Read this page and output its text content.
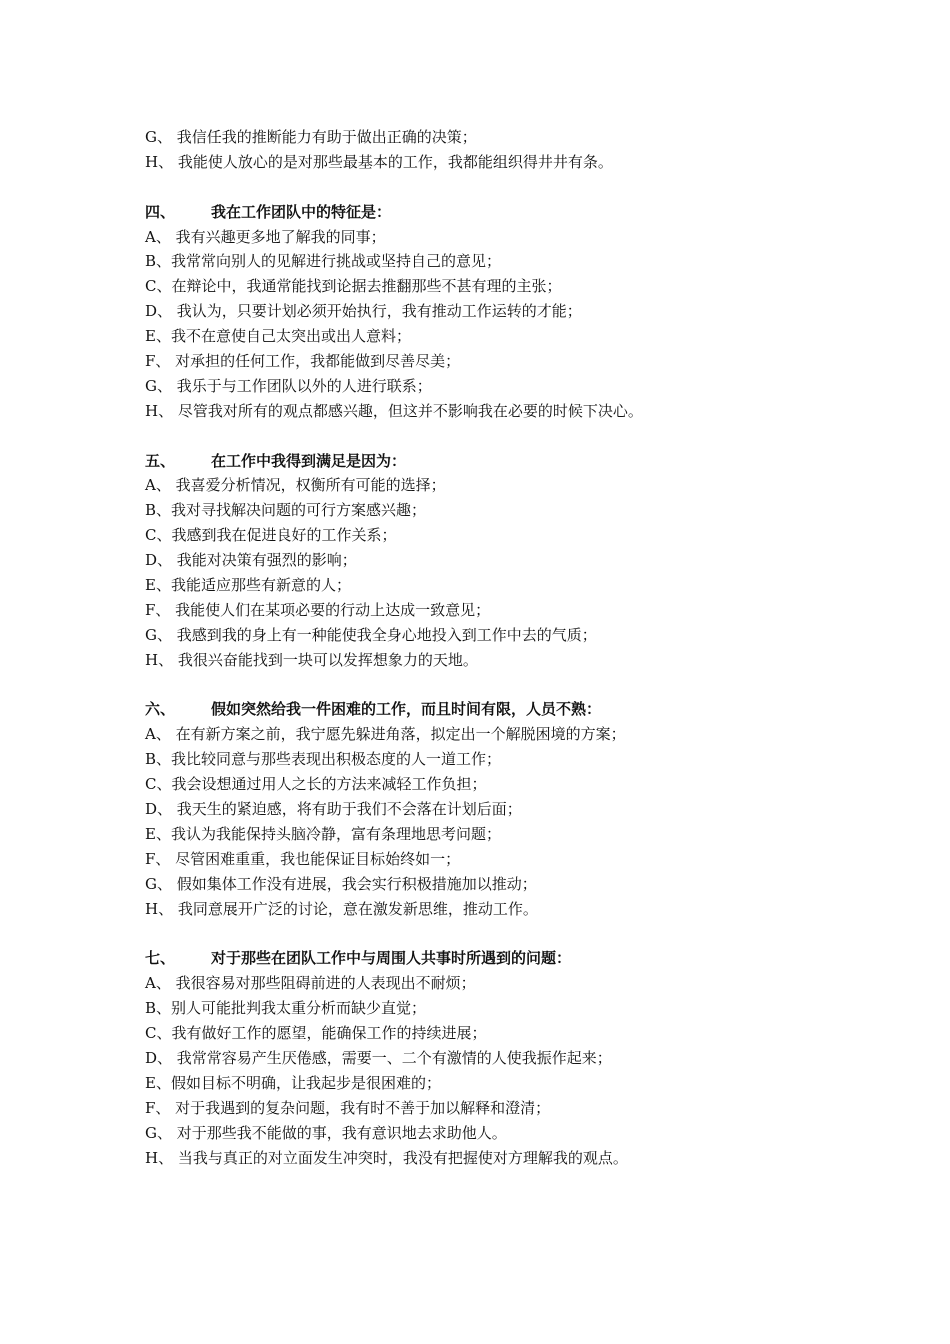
G、 我信任我的推断能力有助于做出正确的决策；
H、 我能使人放心的是对那些最基本的工作，我都能组织得井井有条。
四、 我在工作团队中的特征是：
A、 我有兴趣更多地了解我的同事；
B、我常常向别人的见解进行挑战或坚持自己的意见；
C、在辩论中，我通常能找到论据去推翻那些不甚有理的主张；
D、 我认为，只要计划必须开始执行，我有推动工作运转的才能；
E、我不在意使自己太突出或出人意料；
F、 对承担的任何工作，我都能做到尽善尽美；
G、 我乐于与工作团队以外的人进行联系；
H、 尽管我对所有的观点都感兴趣，但这并不影响我在必要的时候下决心。
五、 在工作中我得到满足是因为：
A、 我喜爱分析情况，权衡所有可能的选择；
B、我对寻找解决问题的可行方案感兴趣；
C、我感到我在促进良好的工作关系；
D、 我能对决策有强烈的影响；
E、我能适应那些有新意的人；
F、 我能使人们在某项必要的行动上达成一致意见；
G、 我感到我的身上有一种能使我全身心地投入到工作中去的气质；
H、 我很兴奋能找到一块可以发挥想象力的天地。
六、 假如突然给我一件困难的工作，而且时间有限，人员不熟：
A、 在有新方案之前，我宁愿先躲进角落，拟定出一个解脱困境的方案；
B、我比较同意与那些表现出积极态度的人一道工作；
C、我会设想通过用人之长的方法来减轻工作负担；
D、 我天生的紧迫感，将有助于我们不会落在计划后面；
E、我认为我能保持头脑冷静，富有条理地思考问题；
F、 尽管困难重重，我也能保证目标始终如一；
G、 假如集体工作没有进展，我会实行积极措施加以推动；
H、 我同意展开广泛的讨论，意在激发新思维，推动工作。
七、 对于那些在团队工作中与周围人共事时所遇到的问题：
A、 我很容易对那些阻碍前进的人表现出不耐烦；
B、别人可能批判我太重分析而缺少直觉；
C、我有做好工作的愿望，能确保工作的持续进展；
D、 我常常容易产生厌倦感，需要一、二个有激情的人使我振作起来；
E、假如目标不明确，让我起步是很困难的；
F、 对于我遇到的复杂问题，我有时不善于加以解释和澄清；
G、 对于那些我不能做的事，我有意识地去求助他人。
H、 当我与真正的对立面发生冲突时，我没有把握使对方理解我的观点。
